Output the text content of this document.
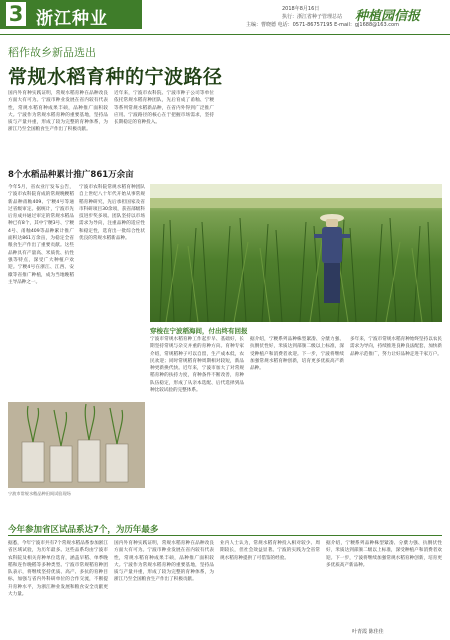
3 浙江种业	2018年8月16日
执行：浙江省种子管理总站
主编：曹晓德 电话：0571-86757195 E-mail：gj1688@163.com
种植园信报
稻作故乡新品选出
常规水稻育种的宁波路径
国内外育种实践证明，常规水稻育种在品种改良方面大有可为。宁波市种业发展在省内较有代表性，常规水稻育种成果丰硕，品种推广面积较大。宁波作为常规水稻育种的重要基地，坚持品质与产量并重，形成了较为完整的育种体系，为浙江乃至全国粮食生产作出了积极贡献。
近年来，宁波市农科院、宁波市种子公司等单位依托常规水稻育种团队，先后育成了甬籼、宁粳等系列常规水稻新品种，在省内外得到广泛推广应用。宁波路径的核心在于把握市场需求，坚持长期稳定的育种投入。
8个水稻品种累计推广861万余亩
今年5月，省农业厅发布公告，宁波市农科院育成的常规晚粳稻新品种甬籼409、宁粳4号等通过省级审定。据统计，宁波市先后育成并通过审定的常规水稻品种已有8个，其中宁粳3号、宁粳4号、甬籼409等品种累计推广面积达861万余亩，为稳定全省粮食生产作出了重要贡献。这些品种具有产量高、米质优、抗性强等特点，深受广大种植户欢迎。宁粳4号在浙江、江西、安徽等省推广种植，成为当地晚稻主导品种之一。
宁波市农科院常规水稻育种团队自上世纪八十年代开始从事常规稻育种研究，先后承担国家及省市科研项目30余项，获省部级科技进步奖多项。团队坚持以市场需求为导向，注重品种的适应性和稳定性，选育出一批综合性状优良的常规水稻新品种。
穿梭在宁波稻海间，付出终有回报
宁波市常规水稻育种工作起步早、基础好，长期坚持常规与杂交并重的育种方向。育种专家介绍，常规稻种子可以自留，生产成本低，农民欢迎；同时常规稻育种周期相对较短，新品种更新换代快。近年来，宁波市加大了对常规稻育种的扶持力度，育种条件不断改善，育种队伍稳定，形成了从亲本选配、后代选择到品种比较试验的完整体系。
据介绍，宁粳系列品种株型紧凑、分蘖力强、抗倒伏性好，米质达到部颁二级以上标准，深受种植户和消费者欢迎。下一步，宁波将继续加强常规水稻育种创新，培育更多优质高产新品种。
多年来，宁波市常规水稻育种始终坚持以农民需求为导向，持续推进良种良法配套，加快新品种示范推广，努力让好品种走进千家万户。
宁波市常规水稻品种田间试验现场
今年参加省区试品系达7个，为历年最多
据悉，今年宁波市共有7个常规水稻品系参加浙江省区域试验，为历年最多。这些品系均由宁波市农科院及相关育种单位选育，涵盖早稻、单季晚稻和连作晚稻等多种类型。宁波市常规稻育种团队表示，将继续坚持优质、高产、多抗的育种目标，加强与省内外科研单位的合作交流，不断提升育种水平，为浙江种业发展和粮食安全贡献更大力量。
国内外育种实践证明，常规水稻育种在品种改良方面大有可为。宁波市种业发展在省内较有代表性，常规水稻育种成果丰硕，品种推广面积较大。宁波作为常规水稻育种的重要基地，坚持品质与产量并重，形成了较为完整的育种体系，为浙江乃至全国粮食生产作出了积极贡献。
业内人士认为，常规水稻育种投入相对较少、周期较长，但社会效益显著。宁波的实践为全省常规水稻育种提供了可借鉴的经验。
据介绍，宁粳系列品种株型紧凑、分蘖力强、抗倒伏性好，米质达到部颁二级以上标准，深受种植户和消费者欢迎。下一步，宁波将继续加强常规水稻育种创新，培育更多优质高产新品种。
叶青霞 陈佳佳
